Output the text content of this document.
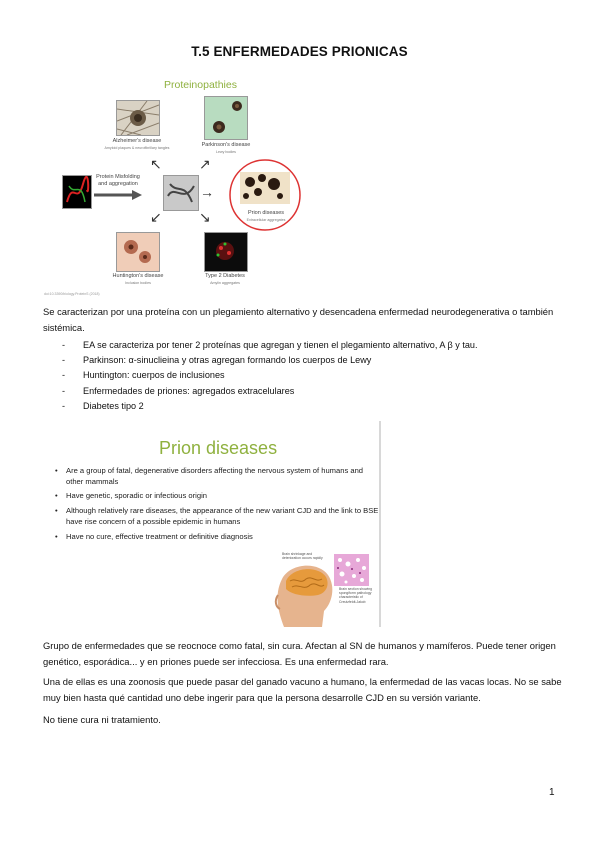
T.5 ENFERMEDADES PRIONICAS
Proteinopathies
Alzheimer's disease
Amyloid plaques & neurofibrillary tangles	Parkinson's disease
Lewy bodies
Protein Misfolding and aggregation
↖	↗
→
↙	↘	Prion diseases
Extracellular aggregates
Huntington's disease
Inclusion bodies
Type 2 Diabetes
Amylin aggregates
doi:10.3390/biology.ProteinS (2018)
Se caracterizan por una proteína con un plegamiento alternativo y desencadena enfermedad neurodegenerativa o también sistémica.
- EA se caracteriza por tener 2 proteínas que agregan y tienen el plegamiento alternativo, A β y tau.
- Parkinson: α-sinuclieina y otras agregan formando los cuerpos de Lewy
- Huntington: cuerpos de inclusiones
- Enfermedades de priones: agregados extracelulares
- Diabetes tipo 2
Prion diseases
• Are a group of fatal, degenerative disorders affecting the nervous system of humans and other mammals
• Have genetic, sporadic or infectious origin
• Although relatively rare diseases, the appearance of the new variant CJD and the link to BSE have rise concern of a possible epidemic in humans
• Have no cure, effective treatment or definitive diagnosis
Brain shrinkage and deterioration occurs rapidly
Brain section showing spongiform pathology characteristic of Creutzfeldt-Jakob
Grupo de enfermedades que se reocnoce como fatal, sin cura. Afectan al SN de humanos y mamíferos. Puede tener origen genético, esporádica... y en priones puede ser infecciosa. Es una enfermedad rara.
Una de ellas es una zoonosis que puede pasar del ganado vacuno a humano, la enfermedad de las vacas locas. No se sabe muy bien hasta qué cantidad uno debe ingerir para que la persona desarrolle CJD en su versión variante.
No tiene cura ni tratamiento.
1
